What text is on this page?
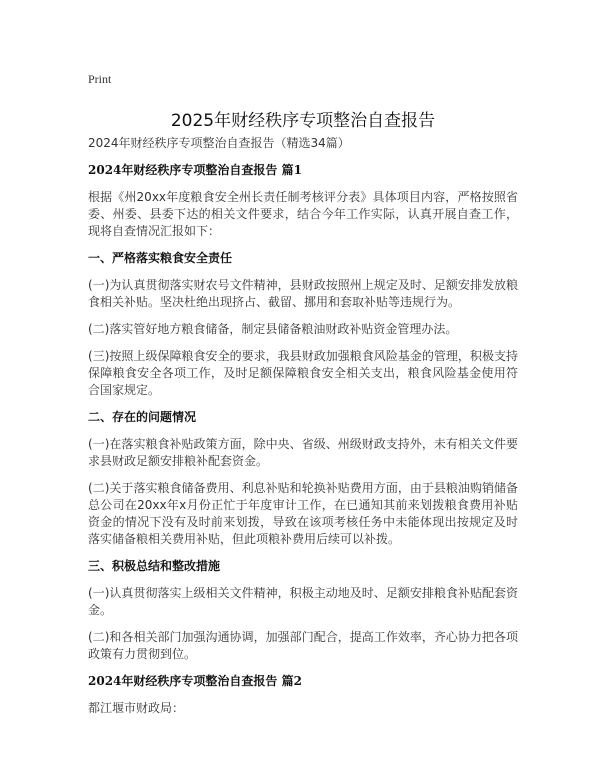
Print
2025年财经秩序专项整治自查报告
2024年财经秩序专项整治自查报告（精选34篇）
2024年财经秩序专项整治自查报告 篇1

根据《州20xx年度粮食安全州长责任制考核评分表》具体项目内容，严格按照省委、州委、县委下达的相关文件要求，结合今年工作实际，认真开展自查工作，现将自查情况汇报如下：

一、严格落实粮食安全责任

(一)为认真贯彻落实财农号文件精神，县财政按照州上规定及时、足额安排发放粮食相关补贴。坚决杜绝出现挤占、截留、挪用和套取补贴等违规行为。

(二)落实管好地方粮食储备，制定县储备粮油财政补贴资金管理办法。

(三)按照上级保障粮食安全的要求，我县财政加强粮食风险基金的管理，积极支持保障粮食安全各项工作，及时足额保障粮食安全相关支出，粮食风险基金使用符合国家规定。

二、存在的问题情况

(一)在落实粮食补贴政策方面，除中央、省级、州级财政支持外，未有相关文件要求县财政足额安排粮补配套资金。

(二)关于落实粮食储备费用、利息补贴和轮换补贴费用方面，由于县粮油购销储备总公司在20xx年x月份正忙于年度审计工作，在已通知其前来划拨粮食费用补贴资金的情况下没有及时前来划拨，导致在该项考核任务中未能体现出按规定及时落实储备粮相关费用补贴，但此项粮补费用后续可以补拨。

三、积极总结和整改措施

(一)认真贯彻落实上级相关文件精神，积极主动地及时、足额安排粮食补贴配套资金。

(二)和各相关部门加强沟通协调，加强部门配合，提高工作效率，齐心协力把各项政策有力贯彻到位。

2024年财经秩序专项整治自查报告 篇2

都江堰市财政局：
